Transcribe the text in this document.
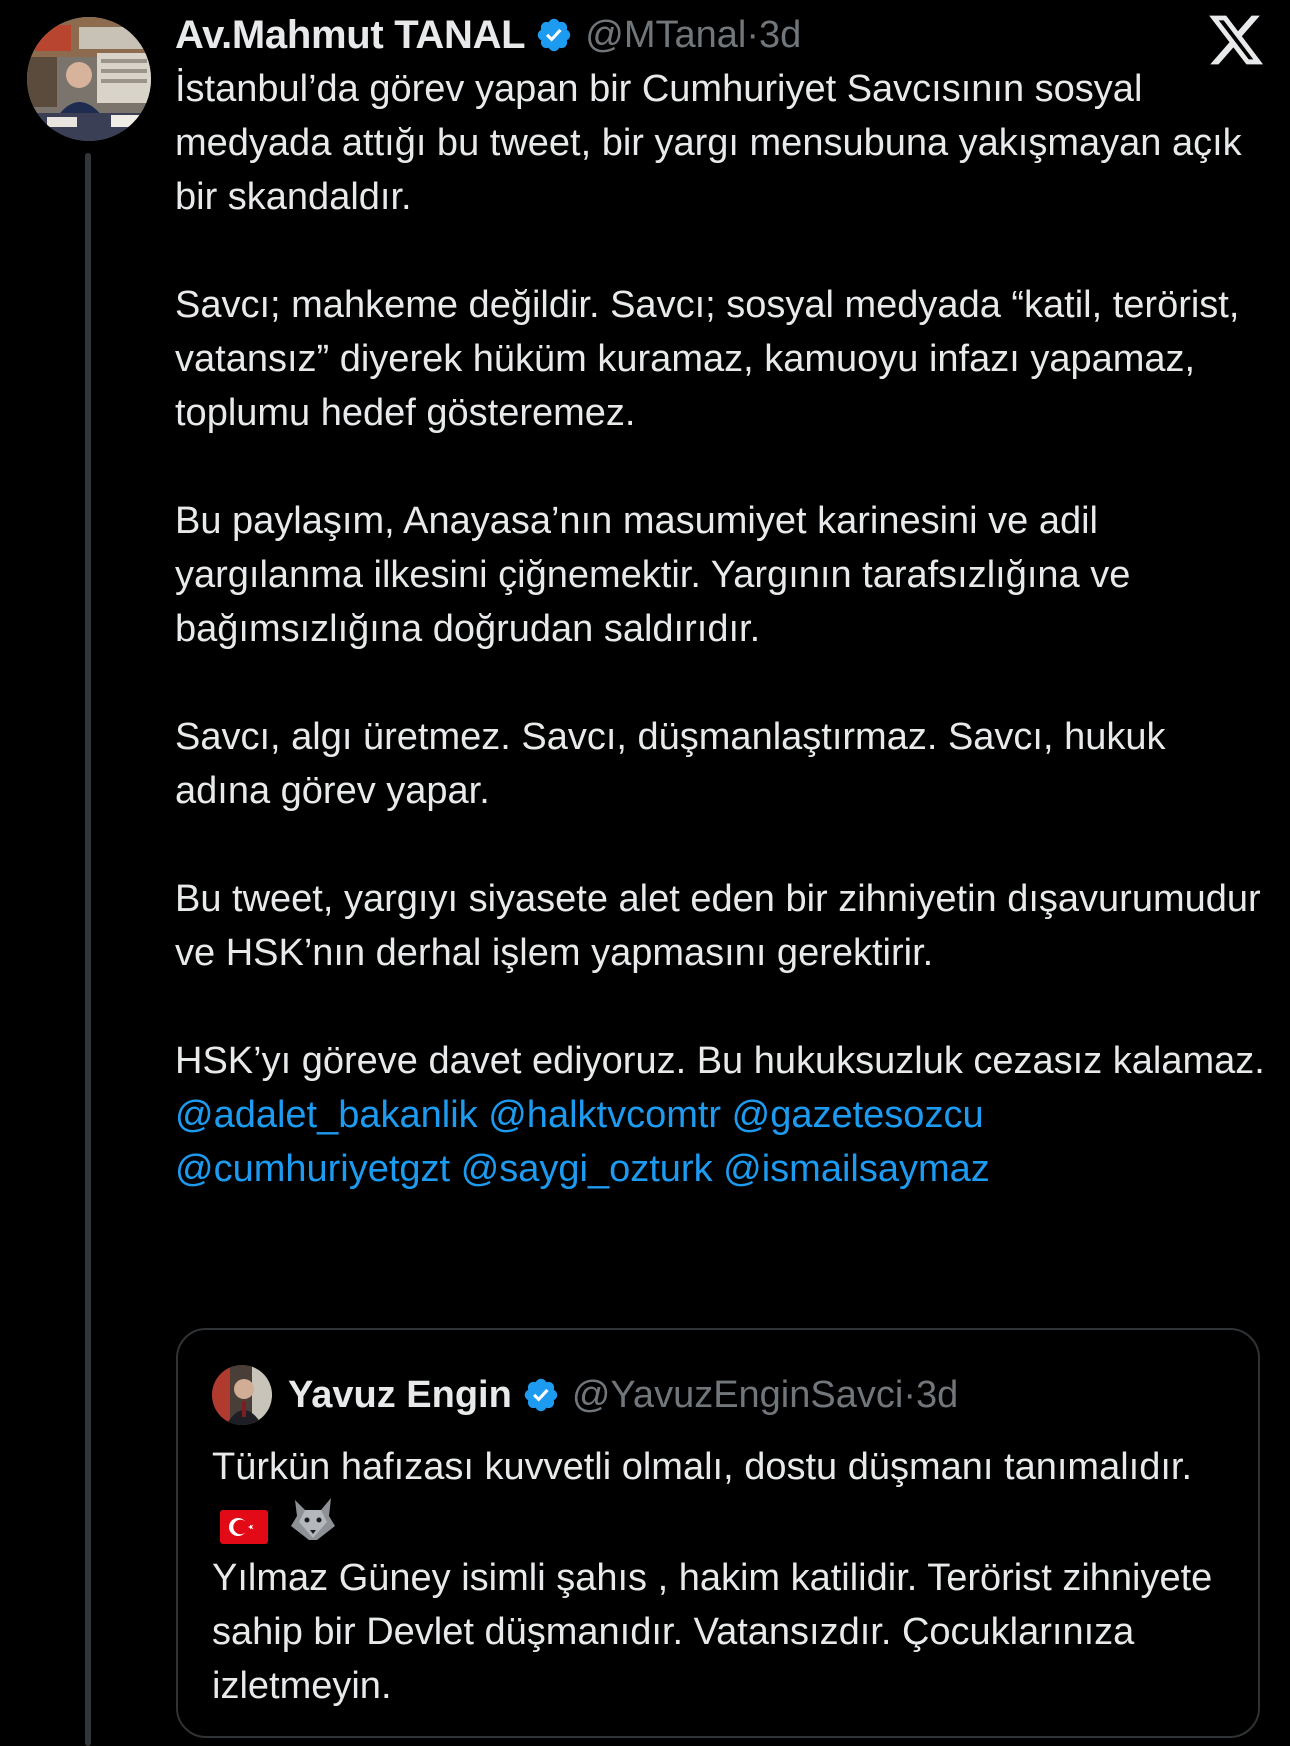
Av.Mahmut TANAL @MTanal · 3d

İstanbul’da görev yapan bir Cumhuriyet Savcısının sosyal medyada attığı bu tweet, bir yargı mensubuna yakışmayan açık bir skandaldır.

Savcı; mahkeme değildir. Savcı; sosyal medyada “katil, terörist, vatansız” diyerek hüküm kuramaz, kamuoyu infazı yapamaz, toplumu hedef gösteremez.

Bu paylaşım, Anayasa’nın masumiyet karinesini ve adil yargılanma ilkesini çiğnemektir. Yargının tarafsızlığına ve bağımsızlığına doğrudan saldırıdır.

Savcı, algı üretmez. Savcı, düşmanlaştırmaz. Savcı, hukuk adına görev yapar.

Bu tweet, yargıyı siyasete alet eden bir zihniyetin dışavurumudur ve HSK’nın derhal işlem yapmasını gerektirir.

HSK’yı göreve davet ediyoruz. Bu hukuksuzluk cezasız kalamaz.
@adalet_bakanlik @halktvcomtr @gazetesozcu
@cumhuriyetgzt @saygi_ozturk @ismailsaymaz

Yavuz Engin @YavuzEnginSavci · 3d
Türkün hafızası kuvvetli olmalı, dostu düşmanı tanımalıdır.
Yılmaz Güney isimli şahıs , hakim katilidir. Terörist zihniyete sahip bir Devlet düşmanıdır. Vatansızdır. Çocuklarınıza izletmeyin.
